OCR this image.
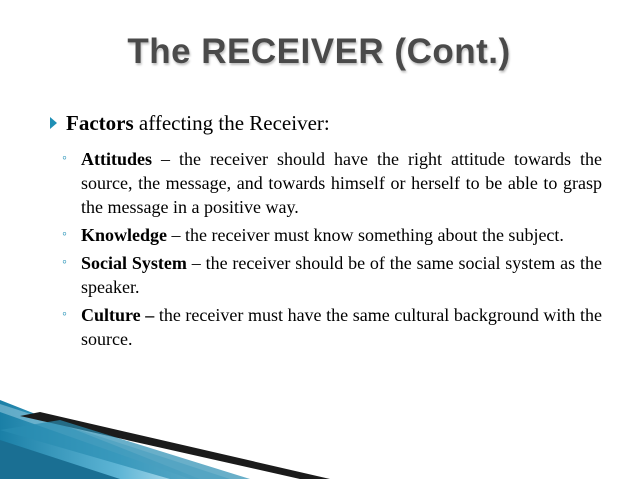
The RECEIVER (Cont.)
Factors affecting the Receiver:
◦ Attitudes – the receiver should have the right attitude towards the source, the message, and towards himself or herself to be able to grasp the message in a positive way.
◦ Knowledge – the receiver must know something about the subject.
◦ Social System – the receiver should be of the same social system as the speaker.
◦ Culture – the receiver must have the same cultural background with the source.
